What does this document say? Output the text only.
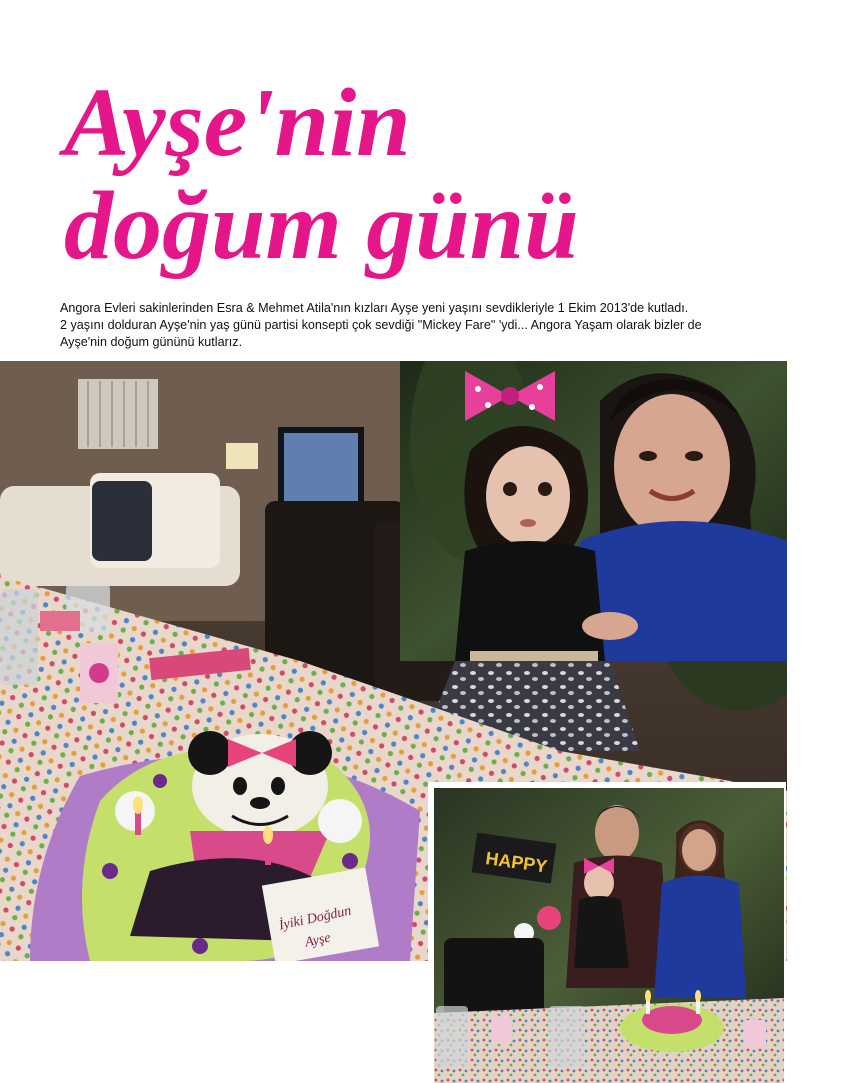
Ayşe'nin
doğum günü

Angora Evleri sakinlerinden Esra & Mehmet Atila'nın kızları Ayşe yeni yaşını sevdikleriyle 1 Ekim 2013'de kutladı.
2 yaşını dolduran Ayşe'nin yaş günü partisi konsepti çok sevdiği "Mickey Fare" 'ydi... Angora Yaşam olarak bizler de
Ayşe'nin doğum gününü kutlarız.

İyiki Doğdun
Ayşe
HAPPY
